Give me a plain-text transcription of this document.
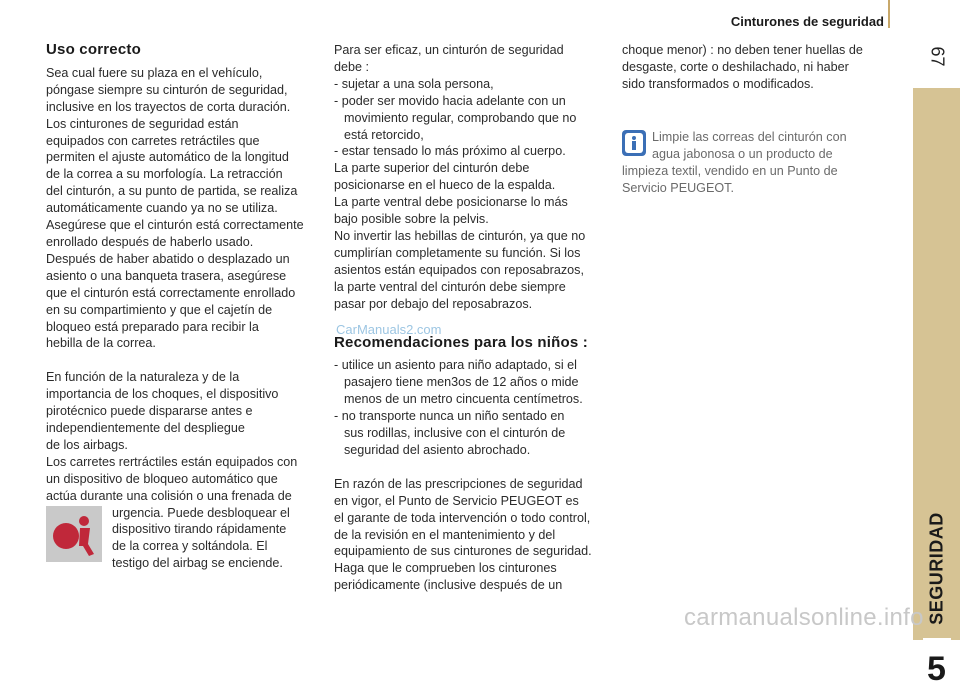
Cinturones de seguridad
67
SEGURIDAD
5
Uso correcto

Sea cual fuere su plaza en el vehículo,

póngase siempre su cinturón de seguridad,

inclusive en los trayectos de corta duración.

Los cinturones de seguridad están

equipados con carretes retráctiles que

permiten el ajuste automático de la longitud

de la correa a su morfología. La retracción

del cinturón, a su punto de partida, se realiza

automáticamente cuando ya no se utiliza.

Asegúrese que el cinturón está correctamente

enrollado después de haberlo usado.

Después de haber abatido o desplazado un

asiento o una banqueta trasera, asegúrese

que el cinturón está correctamente enrollado

en su compartimiento y que el cajetín de

bloqueo está preparado para recibir la

hebilla de la correa.

En función de la naturaleza y de la

importancia de los choques, el dispositivo

pirotécnico puede dispararse antes e

independientemente del despliegue

de los airbags.

Los carretes rertráctiles están equipados con

un dispositivo de bloqueo automático que

actúa durante una colisión o una frenada de

urgencia. Puede desbloquear el

dispositivo tirando rápidamente

de la correa y soltándola. El

testigo del airbag se enciende.

Para ser eficaz, un cinturón de seguridad

debe :

- sujetar a una sola persona,

- poder ser movido hacia adelante con un

movimiento regular, comprobando que no

está retorcido,

- estar tensado lo más próximo al cuerpo.

La parte superior del cinturón debe

posicionarse en el hueco de la espalda.

La parte ventral debe posicionarse lo más

bajo posible sobre la pelvis.

No invertir las hebillas de cinturón, ya que no

cumplirían completamente su función. Si los

asientos están equipados con reposabrazos,

la parte ventral del cinturón debe siempre

pasar por debajo del reposabrazos.

Recomendaciones para los niños :

- utilice un asiento para niño adaptado, si el

pasajero tiene men3os de 12 años o mide

menos de un metro cincuenta centímetros.

- no transporte nunca un niño sentado en

sus rodillas, inclusive con el cinturón de

seguridad del asiento abrochado.

En razón de las prescripciones de seguridad

en vigor, el Punto de Servicio PEUGEOT es

el garante de toda intervención o todo control,

de la revisión en el mantenimiento y del

equipamiento de sus cinturones de seguridad.

Haga que le comprueben los cinturones

periódicamente (inclusive después de un

CarManuals2.com

choque menor) : no deben tener huellas de

desgaste, corte o deshilachado, ni haber

sido transformados o modificados.

Limpie las correas del cinturón con

agua jabonosa o un producto de

limpieza textil, vendido en un Punto de

Servicio PEUGEOT.

carmanualsonline.info
